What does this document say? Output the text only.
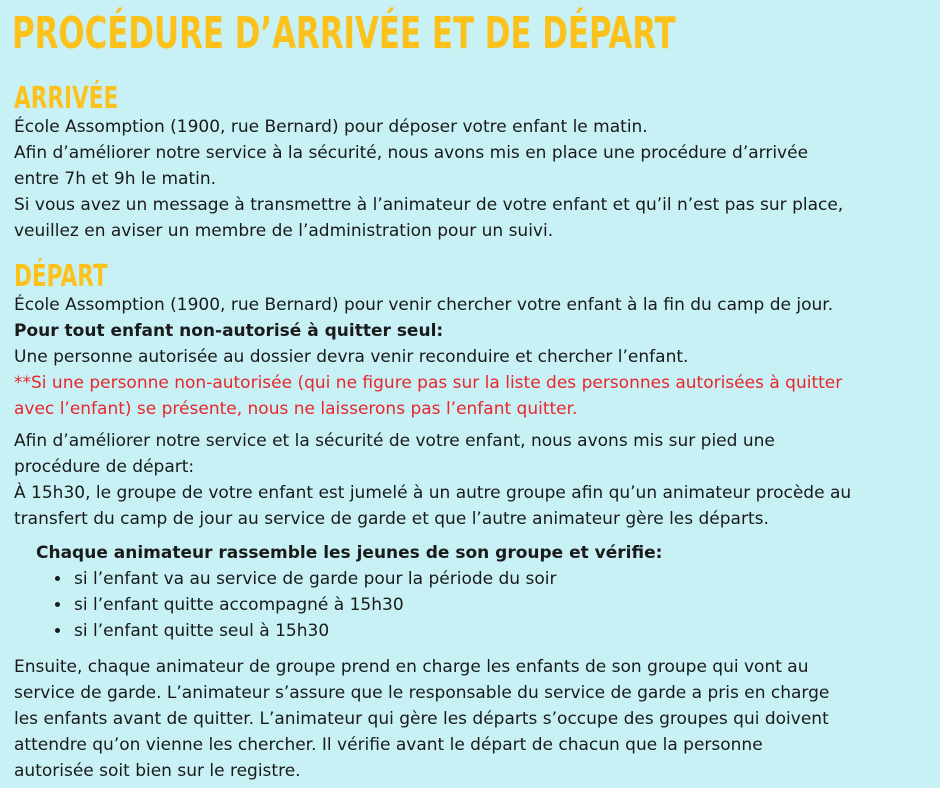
PROCÉDURE D’ARRIVÉE ET DE DÉPART
ARRIVÉE

École Assomption (1900, rue Bernard) pour déposer votre enfant le matin.

Afin d’améliorer notre service à la sécurité, nous avons mis en place une procédure d’arrivée

entre 7h et 9h le matin.

Si vous avez un message à transmettre à l’animateur de votre enfant et qu’il n’est pas sur place,

veuillez en aviser un membre de l’administration pour un suivi.

DÉPART

École Assomption (1900, rue Bernard) pour venir chercher votre enfant à la fin du camp de jour.

Pour tout enfant non-autorisé à quitter seul:

Une personne autorisée au dossier devra venir reconduire et chercher l’enfant.

**Si une personne non-autorisée (qui ne figure pas sur la liste des personnes autorisées à quitter

avec l’enfant) se présente, nous ne laisserons pas l’enfant quitter.

Afin d’améliorer notre service et la sécurité de votre enfant, nous avons mis sur pied une

procédure de départ:

À 15h30, le groupe de votre enfant est jumelé à un autre groupe afin qu’un animateur procède au

transfert du camp de jour au service de garde et que l’autre animateur gère les départs.

Chaque animateur rassemble les jeunes de son groupe et vérifie:

• si l’enfant va au service de garde pour la période du soir
• si l’enfant quitte accompagné à 15h30
• si l’enfant quitte seul à 15h30

Ensuite, chaque animateur de groupe prend en charge les enfants de son groupe qui vont au

service de garde. L’animateur s’assure que le responsable du service de garde a pris en charge

les enfants avant de quitter. L’animateur qui gère les départs s’occupe des groupes qui doivent

attendre qu’on vienne les chercher. Il vérifie avant le départ de chacun que la personne

autorisée soit bien sur le registre.
